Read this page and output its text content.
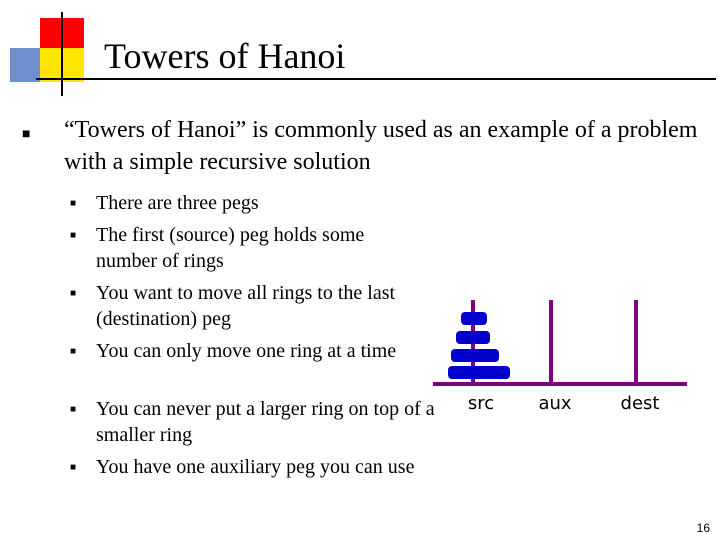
Towers of Hanoi
■ “Towers of Hanoi” is commonly used as an example of a problem with a simple recursive solution
■ There are three pegs
■ The first (source) peg holds some number of rings
■ You want to move all rings to the last (destination) peg
■ You can only move one ring at a time
■ You can never put a larger ring on top of a smaller ring
■ You have one auxiliary peg you can use
src aux	dest
16
